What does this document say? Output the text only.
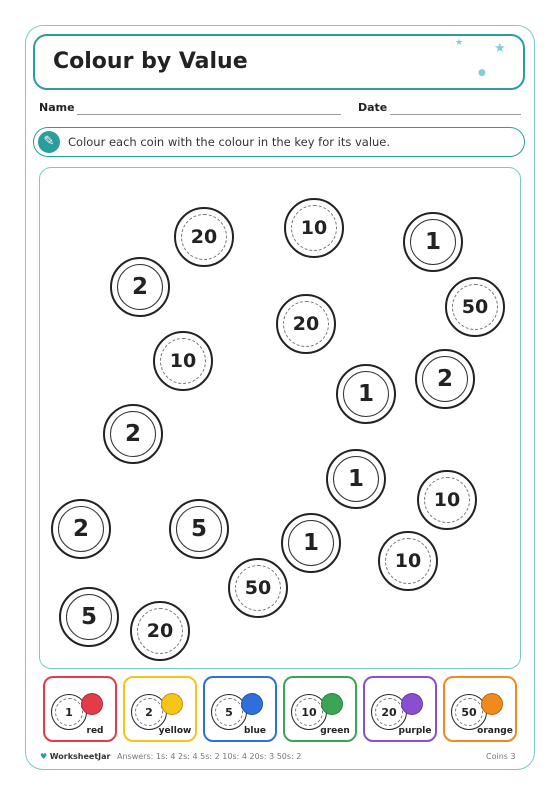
Colour by Value
★ ★
●
Name	Date
✎	Colour each coin with the colour in the key for its value.
20	10
1
2
50
20
10
2
1
2
1
10
2	5
1
10
50
5
20
1
red
2
yellow
5
blue
10
green
20
purple
50
orange
♥ WorksheetJar Answers: 1s: 4 2s: 4 5s: 2 10s: 4 20s: 3 50s: 2	Coins 3
